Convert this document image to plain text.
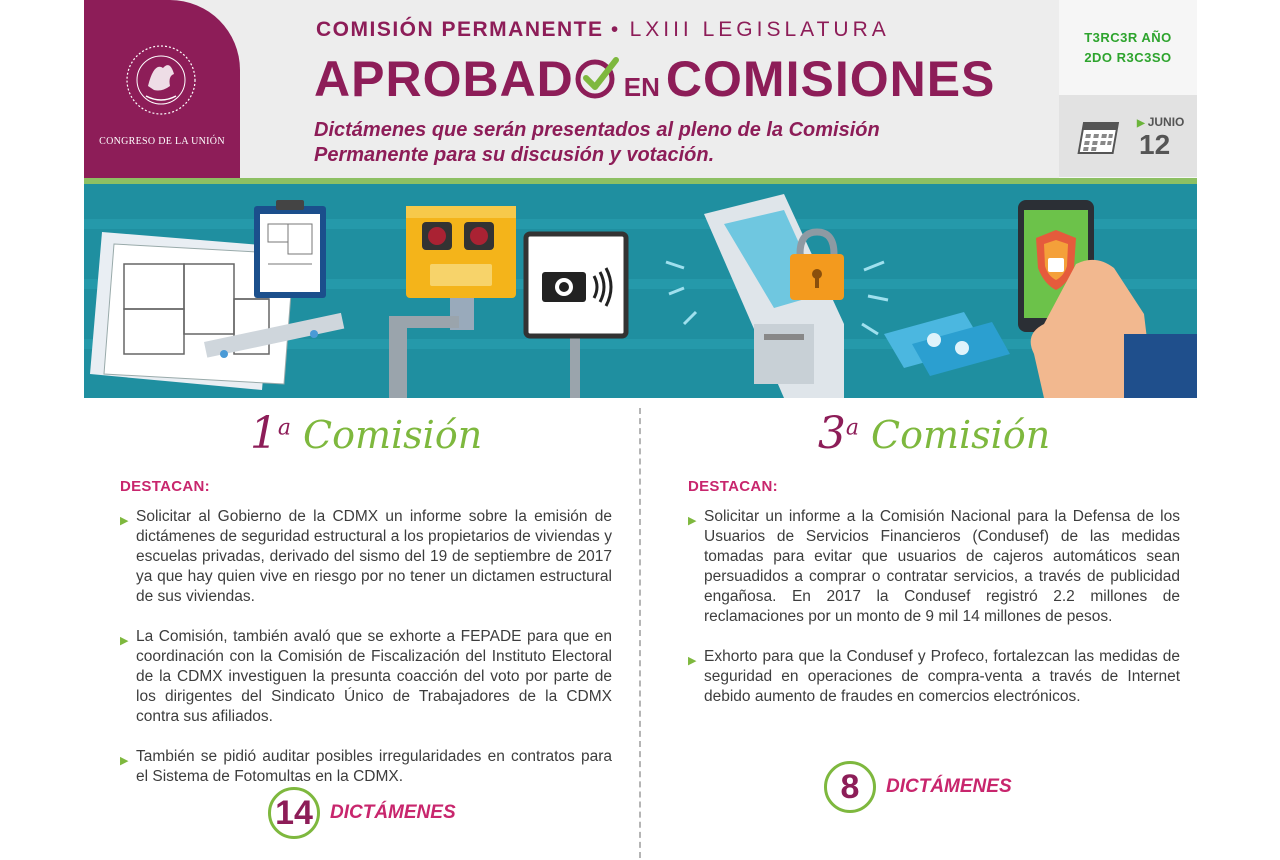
CONGRESO DE LA UNIÓN
COMISIÓN PERMANENTE • LXIII LEGISLATURA
APROBAD EN COMISIONES
Dictámenes que serán presentados al pleno de la Comisión Permanente para su discusión y votación.
T3RC3R AÑO
2DO R3C3SO
▶ JUNIO
12
1$^a$ Comisión
DESTACAN:
▶ Solicitar al Gobierno de la CDMX un informe sobre la emisión de dictámenes de seguridad estructural a los propietarios de viviendas y escuelas privadas, derivado del sismo del 19 de septiembre de 2017 ya que hay quien vive en riesgo por no tener un dictamen estructural de sus viviendas.
▶ La Comisión, también avaló que se exhorte a FEPADE para que en coordinación con la Comisión de Fiscalización del Instituto Electoral de la CDMX investiguen la presunta coacción del voto por parte de los dirigentes del Sindicato Único de Trabajadores de la CDMX contra sus afiliados.
▶ También se pidió auditar posibles irregularidades en contratos para el Sistema de Fotomultas en la CDMX.
14 DICTÁMENES
3$^a$ Comisión
DESTACAN:
▶ Solicitar un informe a la Comisión Nacional para la Defensa de los Usuarios de Servicios Financieros (Condusef) de las medidas tomadas para evitar que usuarios de cajeros automáticos sean persuadidos a comprar o contratar servicios, a través de publicidad engañosa. En 2017 la Condusef registró 2.2 millones de reclamaciones por un monto de 9 mil 14 millones de pesos.
▶ Exhorto para que la Condusef y Profeco, fortalezcan las medidas de seguridad en operaciones de compra-venta a través de Internet debido aumento de fraudes en comercios electrónicos.
8	DICTÁMENES
